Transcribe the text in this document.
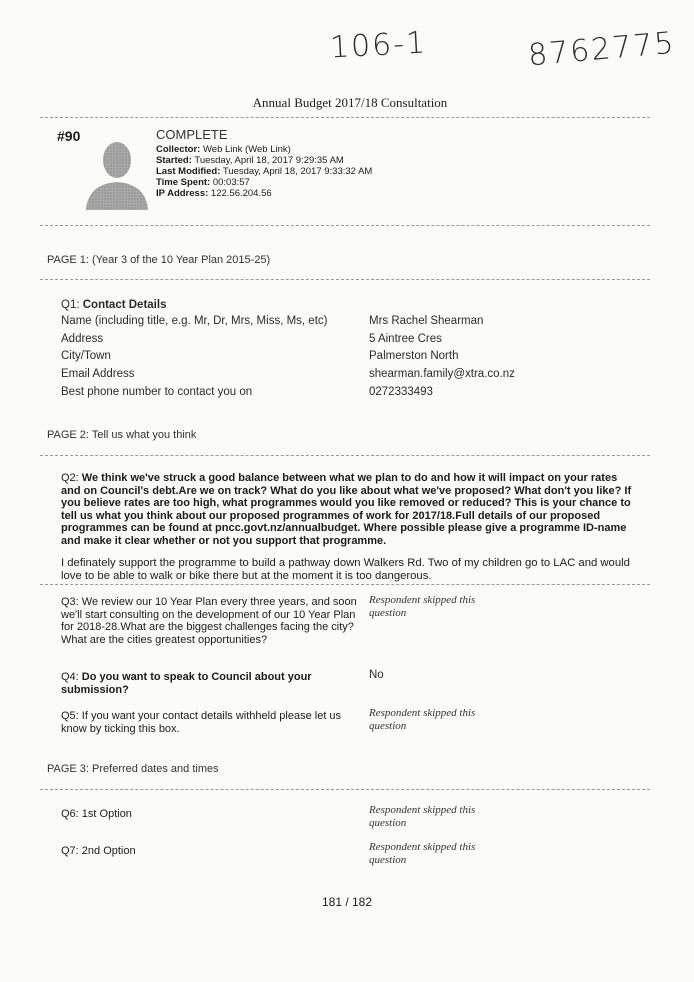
106-1	8762775
Annual Budget 2017/18 Consultation
#90	COMPLETE
Collector: Web Link (Web Link)
Started: Tuesday, April 18, 2017 9:29:35 AM
Last Modified: Tuesday, April 18, 2017 9:33:32 AM
Time Spent: 00:03:57
IP Address: 122.56.204.56
PAGE 1: (Year 3 of the 10 Year Plan 2015-25)
Q1: Contact Details
Name (including title, e.g. Mr, Dr, Mrs, Miss, Ms, etc)	Mrs Rachel Shearman
Address	5 Aintree Cres
City/Town	Palmerston North
Email Address	shearman.family@xtra.co.nz
Best phone number to contact you on	0272333493
PAGE 2: Tell us what you think
Q2: We think we've struck a good balance between what we plan to do and how it will impact on your rates and on Council's debt.Are we on track? What do you like about what we've proposed? What don't you like? If you believe rates are too high, what programmes would you like removed or reduced? This is your chance to tell us what you think about our proposed programmes of work for 2017/18.Full details of our proposed programmes can be found at pncc.govt.nz/annualbudget. Where possible please give a programme ID-name and make it clear whether or not you support that programme.
I definately support the programme to build a pathway down Walkers Rd. Two of my children go to LAC and would love to be able to walk or bike there but at the moment it is too dangerous.
Q3: We review our 10 Year Plan every three years, and soon we'll start consulting on the development of our 10 Year Plan for 2018-28.What are the biggest challenges facing the city? What are the cities greatest opportunities?
Respondent skipped this question
Q4: Do you want to speak to Council about your submission?
No
Q5: If you want your contact details withheld please let us know by ticking this box.
Respondent skipped this question
PAGE 3: Preferred dates and times
Q6: 1st Option	Respondent skipped this question
Q7: 2nd Option	Respondent skipped this question
181 / 182
